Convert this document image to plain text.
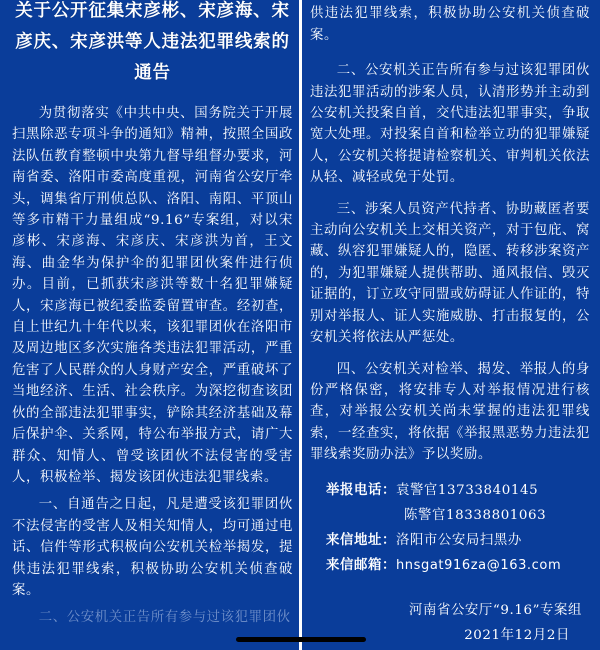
关于公开征集宋彦彬、宋彦海、宋
彦庆、宋彦洪等人违法犯罪线索的
通告

为贯彻落实《中共中央、国务院关于开展扫黑除恶专项斗争的通知》精神，按照全国政法队伍教育整顿中央第九督导组督办要求，河南省委、洛阳市委高度重视，河南省公安厅牵头，调集省厅刑侦总队、洛阳、南阳、平顶山等多市精干力量组成“9.16”专案组，对以宋彦彬、宋彦海、宋彦庆、宋彦洪为首，王文海、曲金华为保护伞的犯罪团伙案件进行侦办。目前，已抓获宋彦洪等数十名犯罪嫌疑人，宋彦海已被纪委监委留置审查。经初查，自上世纪九十年代以来，该犯罪团伙在洛阳市及周边地区多次实施各类违法犯罪活动，严重危害了人民群众的人身财产安全，严重破坏了当地经济、生活、社会秩序。为深挖彻查该团伙的全部违法犯罪事实，铲除其经济基础及幕后保护伞、关系网，特公布举报方式，请广大群众、知情人、曾受该团伙不法侵害的受害人，积极检举、揭发该团伙违法犯罪线索。

一、自通告之日起，凡是遭受该犯罪团伙不法侵害的受害人及相关知情人，均可通过电话、信件等形式积极向公安机关检举揭发，提供违法犯罪线索，积极协助公安机关侦查破案。

二、公安机关正告所有参与过该犯罪团伙

供违法犯罪线索，积极协助公安机关侦查破案。

二、公安机关正告所有参与过该犯罪团伙违法犯罪活动的涉案人员，认清形势并主动到公安机关投案自首，交代违法犯罪事实，争取宽大处理。对投案自首和检举立功的犯罪嫌疑人，公安机关将提请检察机关、审判机关依法从轻、减轻或免于处罚。

三、涉案人员资产代持者、协助藏匿者要主动向公安机关上交相关资产，对于包庇、窝藏、纵容犯罪嫌疑人的，隐匿、转移涉案资产的，为犯罪嫌疑人提供帮助、通风报信、毁灭证据的，订立攻守同盟或妨碍证人作证的，特别对举报人、证人实施威胁、打击报复的，公安机关将依法从严惩处。

四、公安机关对检举、揭发、举报人的身份严格保密，将安排专人对举报情况进行核查，对举报公安机关尚未掌握的违法犯罪线索，一经查实，将依据《举报黑恶势力违法犯罪线索奖励办法》予以奖励。

举报电话：袁警官13733840145
陈警官18338801063
来信地址：洛阳市公安局扫黑办
来信邮箱：hnsgat916za@163.com
河南省公安厅“9.16”专案组
2021年12月2日
